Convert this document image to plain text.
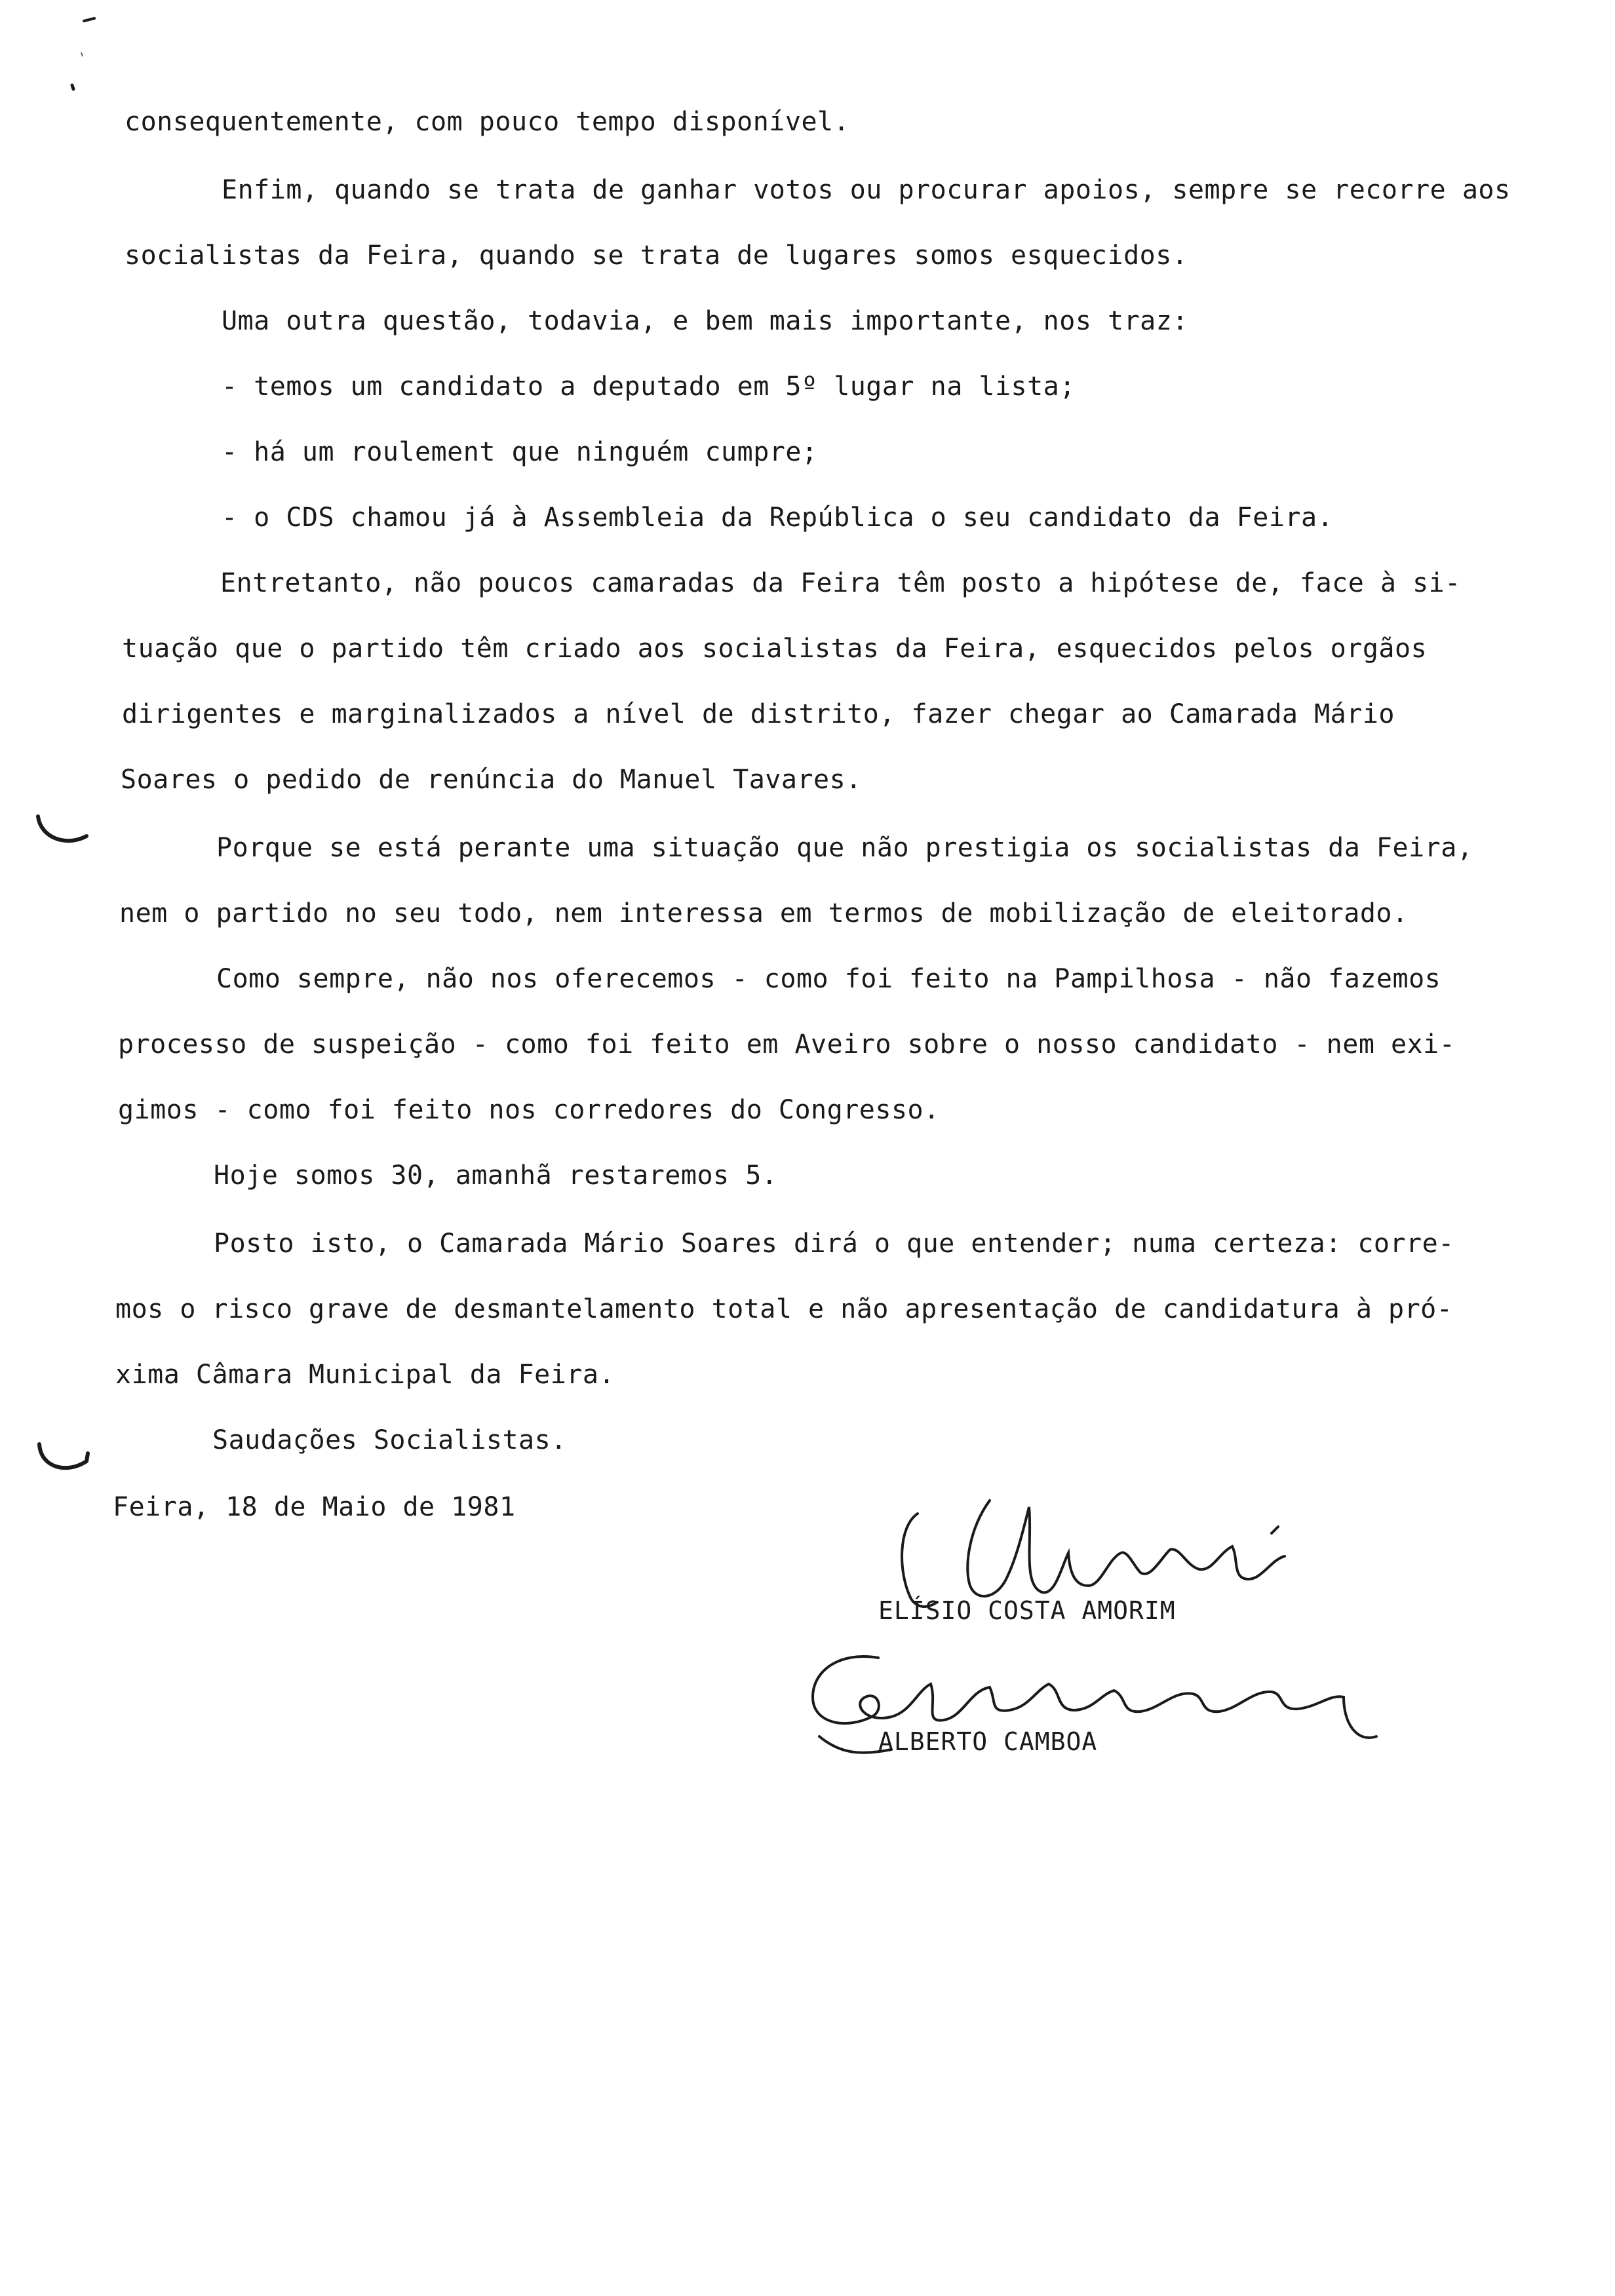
consequentemente, com pouco tempo disponível.
Enfim, quando se trata de ganhar votos ou procurar apoios, sempre se recorre aos
socialistas da Feira, quando se trata de lugares somos esquecidos.
Uma outra questão, todavia, e bem mais importante, nos traz:
- temos um candidato a deputado em 5º lugar na lista;
- há um roulement que ninguém cumpre;
- o CDS chamou já à Assembleia da República o seu candidato da Feira.
Entretanto, não poucos camaradas da Feira têm posto a hipótese de, face à si-
tuação que o partido têm criado aos socialistas da Feira, esquecidos pelos orgãos
dirigentes e marginalizados a nível de distrito, fazer chegar ao Camarada Mário
Soares o pedido de renúncia do Manuel Tavares.
Porque se está perante uma situação que não prestigia os socialistas da Feira,
nem o partido no seu todo, nem interessa em termos de mobilização de eleitorado.
Como sempre, não nos oferecemos - como foi feito na Pampilhosa - não fazemos
processo de suspeição - como foi feito em Aveiro sobre o nosso candidato - nem exi-
gimos - como foi feito nos corredores do Congresso.
Hoje somos 30, amanhã restaremos 5.
Posto isto, o Camarada Mário Soares dirá o que entender; numa certeza: corre-
mos o risco grave de desmantelamento total e não apresentação de candidatura à pró-
xima Câmara Municipal da Feira.
Saudações Socialistas.
Feira, 18 de Maio de 1981
ELÍSIO COSTA AMORIM
ALBERTO CAMBOA
